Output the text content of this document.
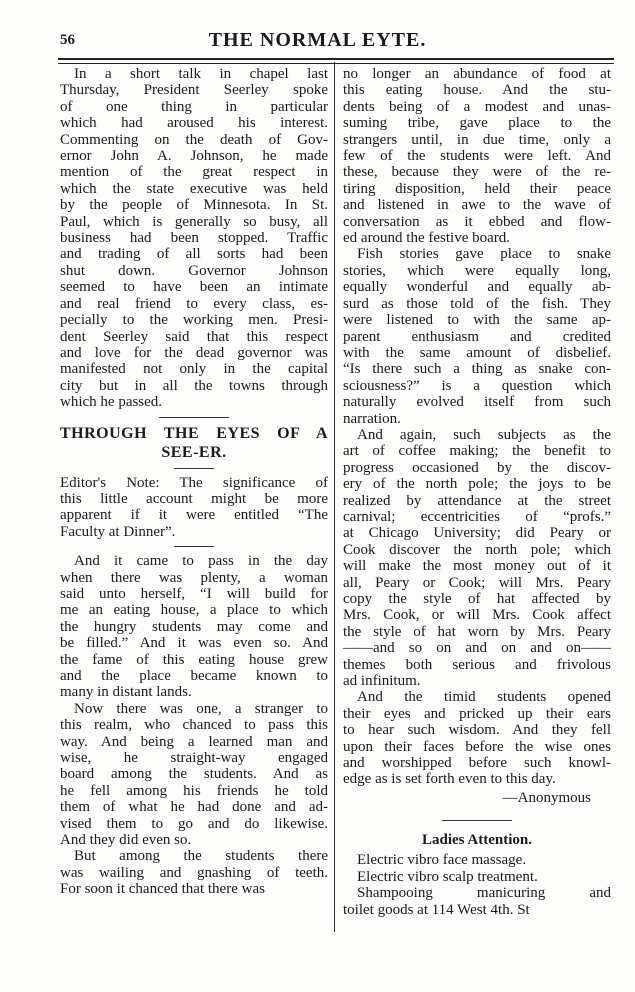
56	THE NORMAL EYTE.
In a short talk in chapel last
Thursday, President Seerley spoke
of one thing in particular
which had aroused his interest.
Commenting on the death of Gov-
ernor John A. Johnson, he made
mention of the great respect in
which the state executive was held
by the people of Minnesota. In St.
Paul, which is generally so busy, all
business had been stopped. Traffic
and trading of all sorts had been
shut down. Governor Johnson
seemed to have been an intimate
and real friend to every class, es-
pecially to the working men. Presi-
dent Seerley said that this respect
and love for the dead governor was
manifested not only in the capital
city but in all the towns through
which he passed.
THROUGH THE EYES OF A
SEE-ER.
Editor's Note: The significance of
this little account might be more
apparent if it were entitled “The
Faculty at Dinner”.
And it came to pass in the day
when there was plenty, a woman
said unto herself, “I will build for
me an eating house, a place to which
the hungry students may come and
be filled.” And it was even so. And
the fame of this eating house grew
and the place became known to
many in distant lands.
Now there was one, a stranger to
this realm, who chanced to pass this
way. And being a learned man and
wise, he straight-way engaged
board among the students. And as
he fell among his friends he told
them of what he had done and ad-
vised them to go and do likewise.
And they did even so.
But among the students there
was wailing and gnashing of teeth.
For soon it chanced that there was
no longer an abundance of food at
this eating house. And the stu-
dents being of a modest and unas-
suming tribe, gave place to the
strangers until, in due time, only a
few of the students were left. And
these, because they were of the re-
tiring disposition, held their peace
and listened in awe to the wave of
conversation as it ebbed and flow-
ed around the festive board.
Fish stories gave place to snake
stories, which were equally long,
equally wonderful and equally ab-
surd as those told of the fish. They
were listened to with the same ap-
parent enthusiasm and credited
with the same amount of disbelief.
“Is there such a thing as snake con-
sciousness?” is a question which
naturally evolved itself from such
narration.
And again, such subjects as the
art of coffee making; the benefit to
progress occasioned by the discov-
ery of the north pole; the joys to be
realized by attendance at the street
carnival; eccentricities of “profs.”
at Chicago University; did Peary or
Cook discover the north pole; which
will make the most money out of it
all, Peary or Cook; will Mrs. Peary
copy the style of hat affected by
Mrs. Cook, or will Mrs. Cook affect
the style of hat worn by Mrs. Peary
——and so on and on and on——
themes both serious and frivolous
ad infinitum.
And the timid students opened
their eyes and pricked up their ears
to hear such wisdom. And they fell
upon their faces before the wise ones
and worshipped before such knowl-
edge as is set forth even to this day.
—Anonymous
Ladies Attention.
Electric vibro face massage.
Electric vibro scalp treatment.
Shampooing manicuring and
toilet goods at 114 West 4th. St
